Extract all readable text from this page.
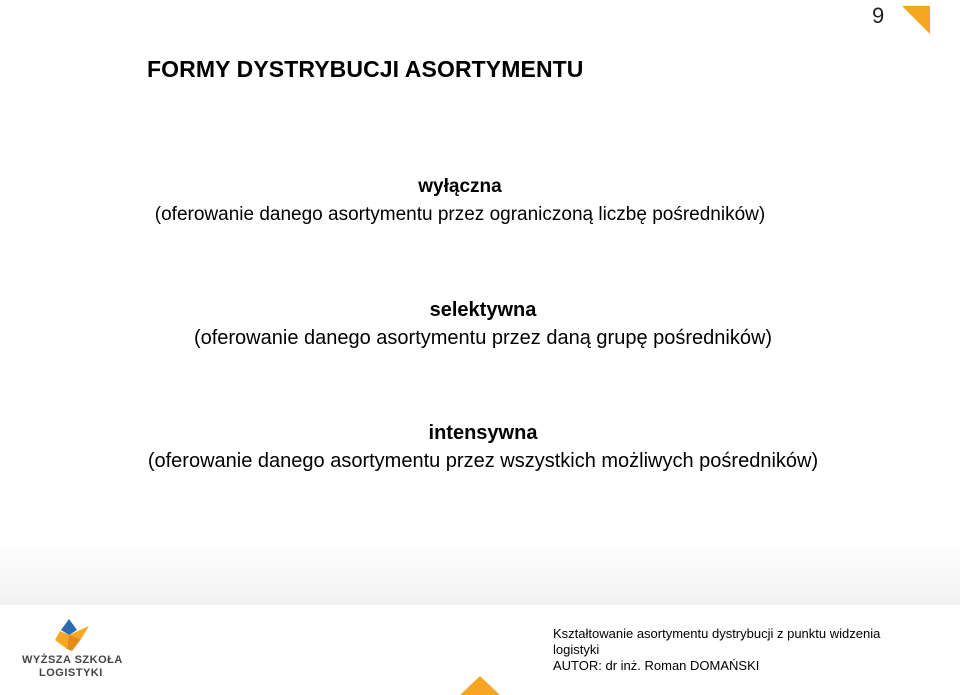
9
FORMY DYSTRYBUCJI ASORTYMENTU
wyłączna
(oferowanie danego asortymentu przez ograniczoną liczbę pośredników)
selektywna
(oferowanie danego asortymentu przez daną grupę pośredników)
intensywna
(oferowanie danego asortymentu przez wszystkich możliwych pośredników)
WYŻSZA SZKOŁA
LOGISTYKI
Kształtowanie asortymentu dystrybucji z punktu widzenia
logistyki
AUTOR: dr inż. Roman DOMAŃSKI
